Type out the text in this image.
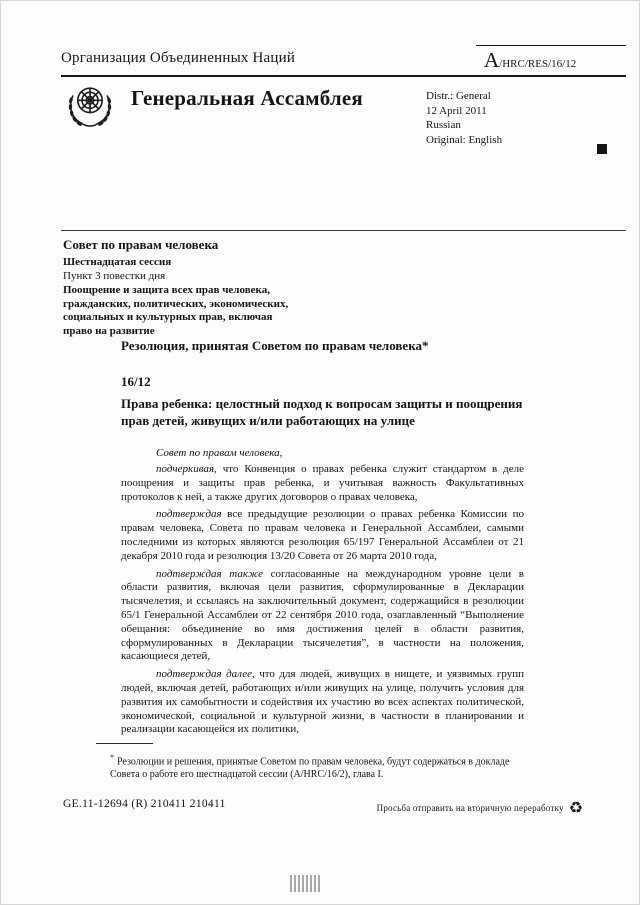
Организация Объединенных Наций	A /HRC/RES/16/12
Генеральная Ассамблея	Distr.: General
12 April 2011
Russian
Original: English
Совет по правам человека
Шестнадцатая сессия
Пункт 3 повестки дня
Поощрение и защита всех прав человека, гражданских, политических, экономических, социальных и культурных прав, включая право на развитие
Резолюция, принятая Советом по правам человека*
16/12
Права ребенка: целостный подход к вопросам защиты и поощрения прав детей, живущих и/или работающих на улице
Совет по правам человека,

подчеркивая, что Конвенция о правах ребенка служит стандартом в деле поощрения и защиты прав ребенка, и учитывая важность Факультативных протоколов к ней, а также других договоров о правах человека,

подтверждая все предыдущие резолюции о правах ребенка Комиссии по правам человека, Совета по правам человека и Генеральной Ассамблеи, самыми последними из которых являются резолюция 65/197 Генеральной Ассамблеи от 21 декабря 2010 года и резолюция 13/20 Совета от 26 марта 2010 года,

подтверждая также согласованные на международном уровне цели в области развития, включая цели развития, сформулированные в Декларации тысячелетия, и ссылаясь на заключительный документ, содержащийся в резолюции 65/1 Генеральной Ассамблеи от 22 сентября 2010 года, озаглавленный “Выполнение обещания: объединение во имя достижения целей в области развития, сформулированных в Декларации тысячелетия”, в частности на положения, касающиеся детей,

подтверждая далее, что для людей, живущих в нищете, и уязвимых групп людей, включая детей, работающих и/или живущих на улице, получить условия для развития их самобытности и содействия их участию во всех аспектах политической, экономической, социальной и культурной жизни, в частности в планировании и реализации касающейся их политики,

* Резолюции и решения, принятые Советом по правам человека, будут содержаться в докладе Совета о работе его шестнадцатой сессии (A/HRC/16/2), глава I.
GE.11-12694 (R) 210411 210411	Просьба отправить на вторичную переработку ♻
